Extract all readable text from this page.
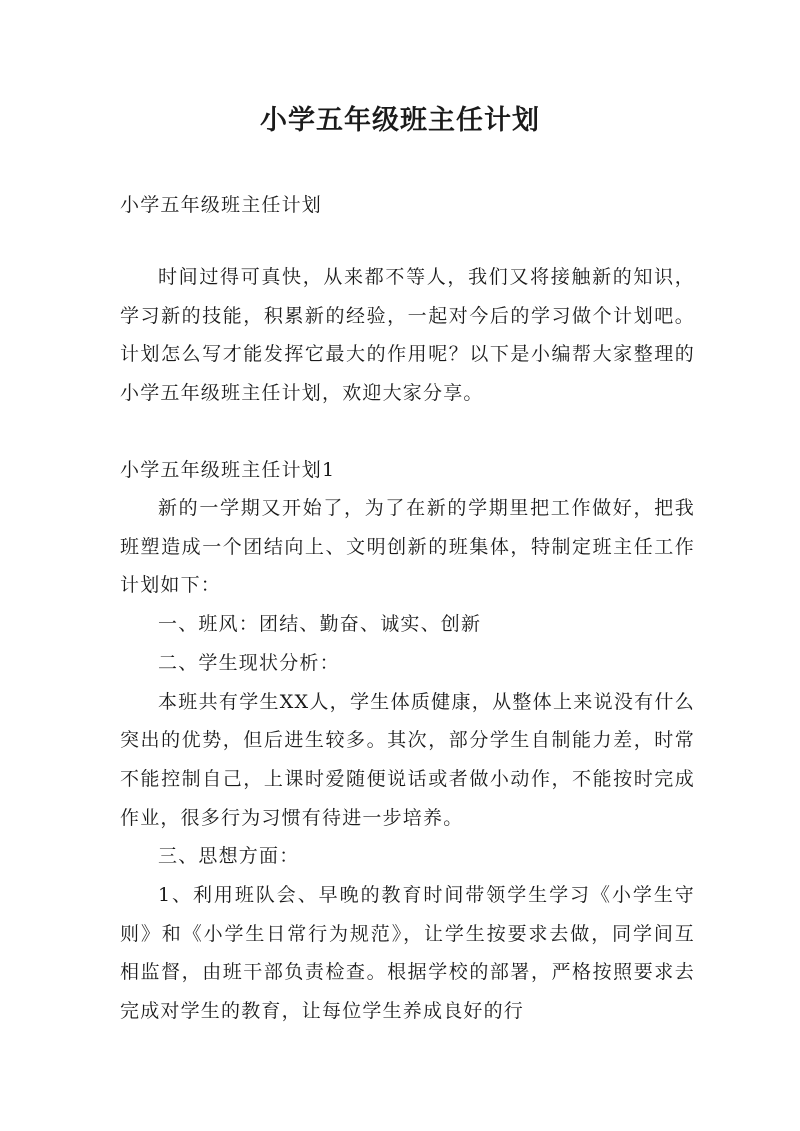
小学五年级班主任计划

小学五年级班主任计划

时间过得可真快，从来都不等人，我们又将接触新的知识，学习新的技能，积累新的经验，一起对今后的学习做个计划吧。计划怎么写才能发挥它最大的作用呢？以下是小编帮大家整理的小学五年级班主任计划，欢迎大家分享。

小学五年级班主任计划1

新的一学期又开始了，为了在新的学期里把工作做好，把我班塑造成一个团结向上、文明创新的班集体，特制定班主任工作计划如下：

一、班风：团结、勤奋、诚实、创新

二、学生现状分析：

本班共有学生XX人，学生体质健康，从整体上来说没有什么突出的优势，但后进生较多。其次，部分学生自制能力差，时常不能控制自己，上课时爱随便说话或者做小动作，不能按时完成作业，很多行为习惯有待进一步培养。

三、思想方面：

1、利用班队会、早晚的教育时间带领学生学习《小学生守则》和《小学生日常行为规范》，让学生按要求去做，同学间互相监督，由班干部负责检查。根据学校的部署，严格按照要求去完成对学生的教育，让每位学生养成良好的行
